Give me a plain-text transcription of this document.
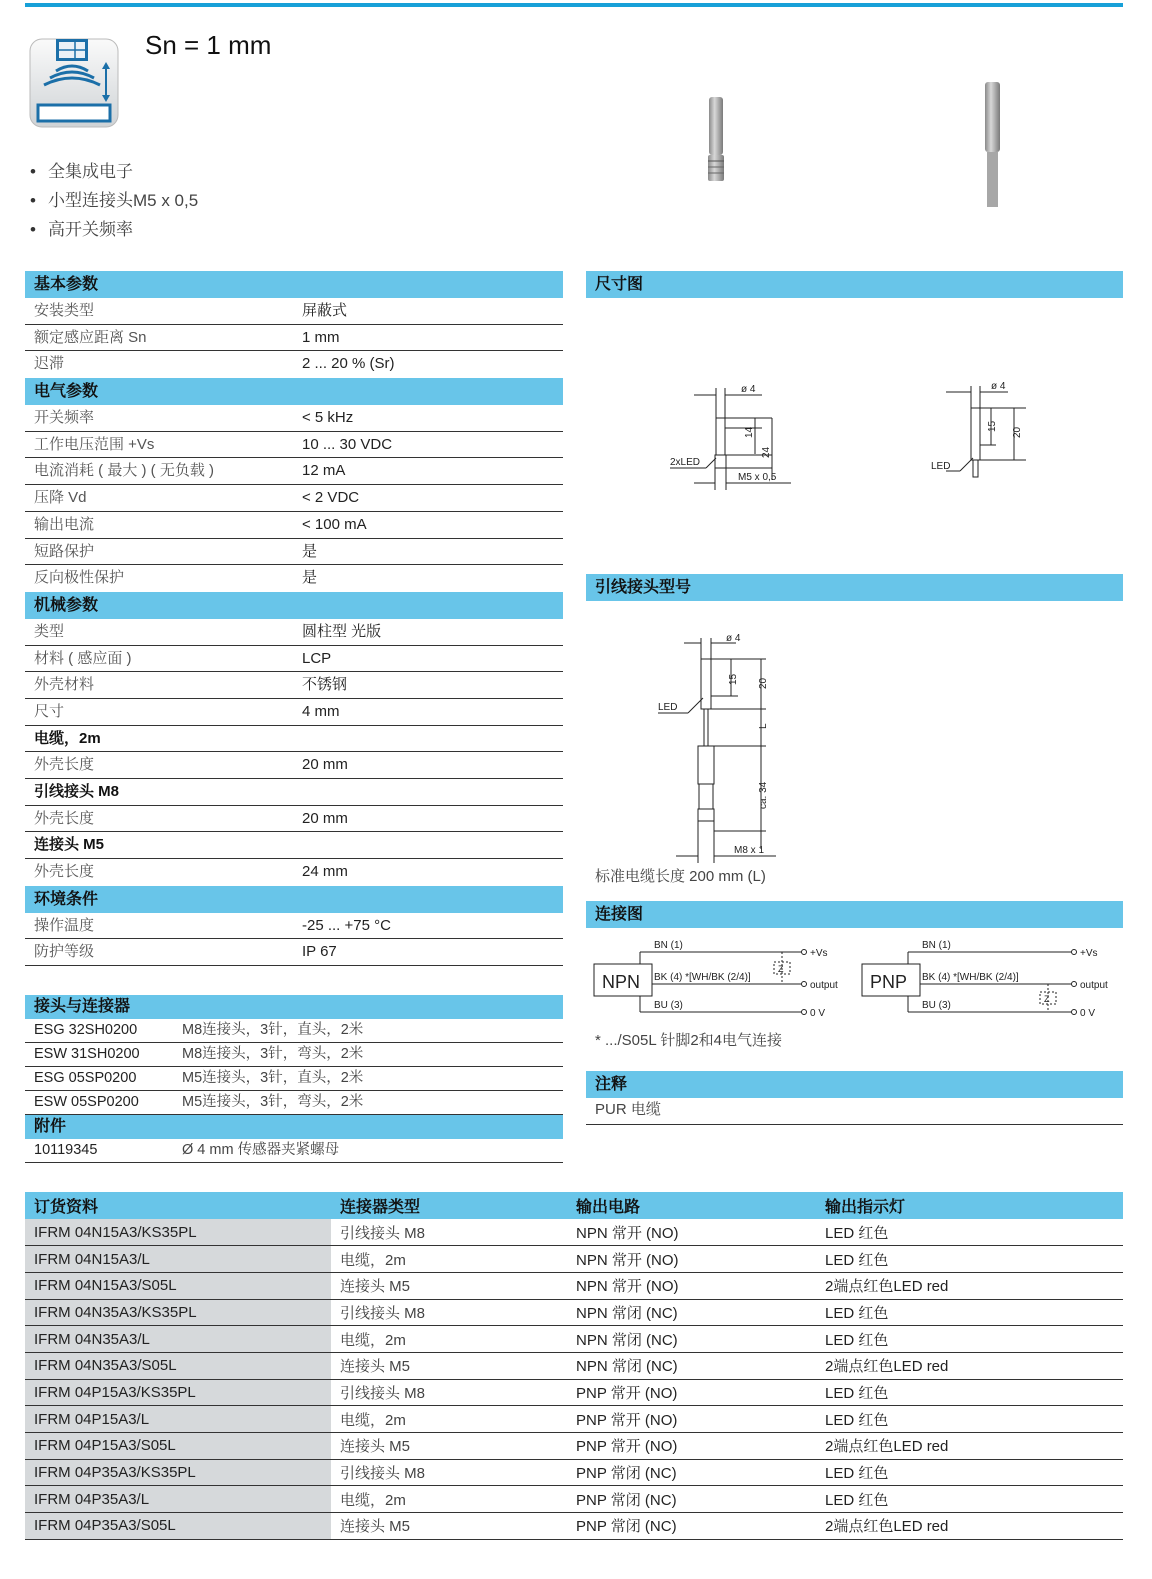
Sn = 1 mm
• 全集成电子
• 小型连接头M5 x 0,5
• 高开关频率
基本参数
安装类型	屏蔽式
额定感应距离 Sn	1 mm
迟滞	2 ... 20 % (Sr)
电气参数
开关频率	< 5 kHz
工作电压范围 +Vs	10 ... 30 VDC
电流消耗 ( 最大 ) ( 无负载 )	12 mA
压降 Vd	< 2 VDC
输出电流	< 100 mA
短路保护	是
反向极性保护	是
机械参数
类型	圆柱型 光版
材料 ( 感应面 )	LCP
外壳材料	不锈钢
尺寸	4 mm
电缆，2m
外壳长度	20 mm
引线接头 M8
外壳长度	20 mm
连接头 M5
外壳长度	24 mm
环境条件
操作温度	-25 ... +75 °C
防护等级	IP 67
接头与连接器
ESG 32SH0200	M8连接头，3针，直头，2米
ESW 31SH0200	M8连接头，3针，弯头，2米
ESG 05SP0200	M5连接头，3针，直头，2米
ESW 05SP0200	M5连接头，3针，弯头，2米
附件
10119345	Ø 4 mm 传感器夹紧螺母
尺寸图
ø 4
14
24
2xLED
M5 x 0,5
ø 4
15
20
LED
引线接头型号
ø 4
15 20
L
ca. 34
LED
M8 x 1
标准电缆长度 200 mm (L)
连接图
NPN
BN (1)
BK (4) *[WH/BK (2/4)]
BU (3)
Z
+Vs
output
0 V
PNP
BN (1)
BK (4) *[WH/BK (2/4)]
BU (3)
Z
+Vs
output
0 V
* .../S05L 针脚2和4电气连接
注释
PUR 电缆
订货资料	连接器类型	输出电路	输出指示灯
IFRM 04N15A3/KS35PL	引线接头 M8	NPN 常开 (NO)	LED 红色
IFRM 04N15A3/L	电缆，2m	NPN 常开 (NO)	LED 红色
IFRM 04N15A3/S05L	连接头 M5	NPN 常开 (NO)	2端点红色LED red
IFRM 04N35A3/KS35PL	引线接头 M8	NPN 常闭 (NC)	LED 红色
IFRM 04N35A3/L	电缆，2m	NPN 常闭 (NC)	LED 红色
IFRM 04N35A3/S05L	连接头 M5	NPN 常闭 (NC)	2端点红色LED red
IFRM 04P15A3/KS35PL	引线接头 M8	PNP 常开 (NO)	LED 红色
IFRM 04P15A3/L	电缆，2m	PNP 常开 (NO)	LED 红色
IFRM 04P15A3/S05L	连接头 M5	PNP 常开 (NO)	2端点红色LED red
IFRM 04P35A3/KS35PL	引线接头 M8	PNP 常闭 (NC)	LED 红色
IFRM 04P35A3/L	电缆，2m	PNP 常闭 (NC)	LED 红色
IFRM 04P35A3/S05L	连接头 M5	PNP 常闭 (NC)	2端点红色LED red
